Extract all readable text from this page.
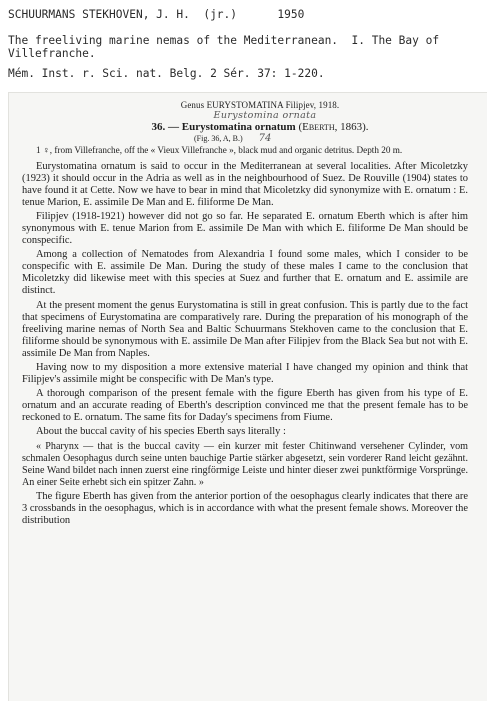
SCHUURMANS STEKHOVEN, J. H.  (jr.)      1950
The freeliving marine nemas of the Mediterranean.  I. The Bay of
Villefranche.
Mém. Inst. r. Sci. nat. Belg. 2 Sér. 37: 1-220.
Genus EURYSTOMATINA Filipjev, 1918.
Eurystomina ornata
36. — Eurystomatina ornatum (Eberth, 1863).
(Fig. 36, A, B.) 74
1 ♀, from Villefranche, off the « Vieux Villefranche », black mud and organic detritus. Depth 20 m.

Eurystomatina ornatum is said to occur in the Mediterranean at several localities. After Micoletzky (1923) it should occur in the Adria as well as in the neighbourhood of Suez. De Rouville (1904) states to have found it at Cette. Now we have to bear in mind that Micoletzky did synonymize with E. ornatum : E. tenue Marion, E. assimile De Man and E. filiforme De Man.

Filipjev (1918-1921) however did not go so far. He separated E. ornatum Eberth which is after him synonymous with E. tenue Marion from E. assimile De Man with which E. filiforme De Man should be conspecific.

Among a collection of Nematodes from Alexandria I found some males, which I consider to be conspecific with E. assimile De Man. During the study of these males I came to the conclusion that Micoletzky did likewise meet with this species at Suez and further that E. ornatum and E. assimile are distinct.

At the present moment the genus Eurystomatina is still in great confusion. This is partly due to the fact that specimens of Eurystomatina are comparatively rare. During the preparation of his monograph of the freeliving marine nemas of North Sea and Baltic Schuurmans Stekhoven came to the conclusion that E. filiforme should be synonymous with E. assimile De Man after Filipjev from the Black Sea but not with E. assimile De Man from Naples.

Having now to my disposition a more extensive material I have changed my opinion and think that Filipjev's assimile might be conspecific with De Man's type.

A thorough comparison of the present female with the figure Eberth has given from his type of E. ornatum and an accurate reading of Eberth's description convinced me that the present female has to be reckoned to E. ornatum. The same fits for Daday's specimens from Fiume.

About the buccal cavity of his species Eberth says literally :

« Pharynx — that is the buccal cavity — ein kurzer mit fester Chitinwand versehener Cylinder, vom schmalen Oesophagus durch seine unten bauchige Partie stärker abgesetzt, sein vorderer Rand leicht gezähnt. Seine Wand bildet nach innen zuerst eine ringförmige Leiste und hinter dieser zwei punktförmige Vorsprünge. An einer Seite erhebt sich ein spitzer Zahn. »

The figure Eberth has given from the anterior portion of the oesophagus clearly indicates that there are 3 crossbands in the oesophagus, which is in accordance with what the present female shows. Moreover the distribution
